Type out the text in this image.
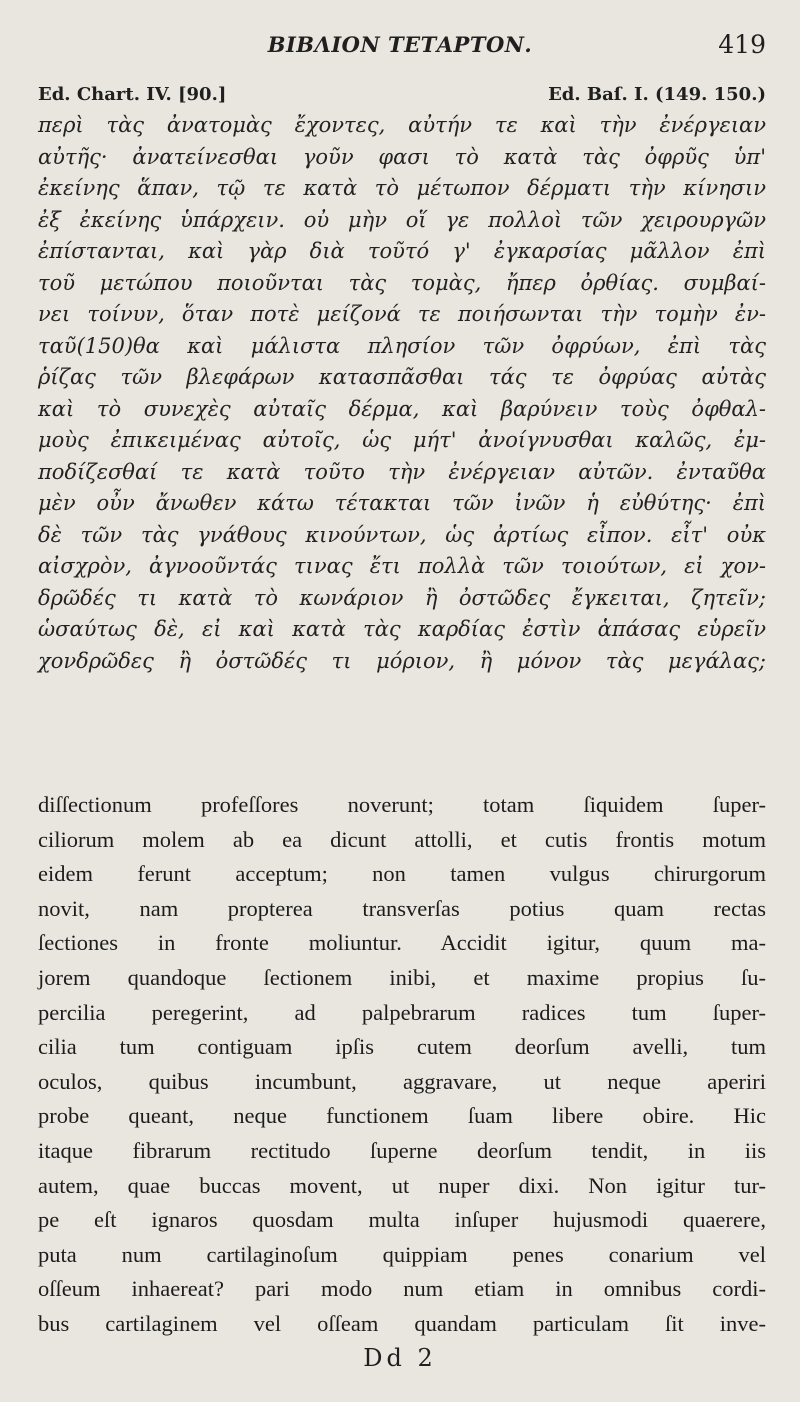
ΒΙΒΛΙΟΝ ΤΕΤΑΡΤΟΝ.	419
Ed. Chart. IV. [90.]	Ed. Baſ. I. (149. 150.)
περὶ τὰς ἀνατομὰς ἔχοντες, αὐτήν τε καὶ τὴν ἐνέργειαν
αὐτῆς· ἀνατείνεσθαι γοῦν φασι τὸ κατὰ τὰς ὀφρῦς ὑπ'
ἐκείνης ἅπαν, τῷ τε κατὰ τὸ μέτωπον δέρματι τὴν κίνησιν
ἐξ ἐκείνης ὑπάρχειν. οὐ μὴν οἵ γε πολλοὶ τῶν χειρουργῶν
ἐπίστανται, καὶ γὰρ διὰ τοῦτό γ' ἐγκαρσίας μᾶλλον ἐπὶ
τοῦ μετώπου ποιοῦνται τὰς τομὰς, ἤπερ ὀρθίας. συμβαί-
νει τοίνυν, ὅταν ποτὲ μείζονά τε ποιήσωνται τὴν τομὴν ἐν-
ταῦ(150)θα καὶ μάλιστα πλησίον τῶν ὀφρύων, ἐπὶ τὰς
ῥίζας τῶν βλεφάρων κατασπᾶσθαι τάς τε ὀφρύας αὐτὰς
καὶ τὸ συνεχὲς αὐταῖς δέρμα, καὶ βαρύνειν τοὺς ὀφθαλ-
μοὺς ἐπικειμένας αὐτοῖς, ὡς μήτ' ἀνοίγνυσθαι καλῶς, ἐμ-
ποδίζεσθαί τε κατὰ τοῦτο τὴν ἐνέργειαν αὐτῶν. ἐνταῦθα
μὲν οὖν ἄνωθεν κάτω τέτακται τῶν ἰνῶν ἡ εὐθύτης· ἐπὶ
δὲ τῶν τὰς γνάθους κινούντων, ὡς ἀρτίως εἶπον. εἶτ' οὐκ
αἰσχρὸν, ἀγνοοῦντάς τινας ἔτι πολλὰ τῶν τοιούτων, εἰ χον-
δρῶδές τι κατὰ τὸ κωνάριον ἢ ὀστῶδες ἔγκειται, ζητεῖν;
ὡσαύτως δὲ, εἰ καὶ κατὰ τὰς καρδίας ἐστὶν ἁπάσας εὑρεῖν
χονδρῶδες ἢ ὀστῶδές τι μόριον, ἢ μόνον τὰς μεγάλας;
diſſectionum profeſſores noverunt; totam ſiquidem ſuper-
ciliorum molem ab ea dicunt attolli, et cutis frontis motum
eidem ferunt acceptum; non tamen vulgus chirurgorum
novit, nam propterea transverſas potius quam rectas
ſectiones in fronte moliuntur. Accidit igitur, quum ma-
jorem quandoque ſectionem inibi, et maxime propius ſu-
percilia peregerint, ad palpebrarum radices tum ſuper-
cilia tum contiguam ipſis cutem deorſum avelli, tum
oculos, quibus incumbunt, aggravare, ut neque aperiri
probe queant, neque functionem ſuam libere obire. Hic
itaque fibrarum rectitudo ſuperne deorſum tendit, in iis
autem, quae buccas movent, ut nuper dixi. Non igitur tur-
pe eſt ignaros quosdam multa inſuper hujusmodi quaerere,
puta num cartilaginoſum quippiam penes conarium vel
oſſeum inhaereat? pari modo num etiam in omnibus cordi-
bus cartilaginem vel oſſeam quandam particulam ſit inve-
Dd 2
